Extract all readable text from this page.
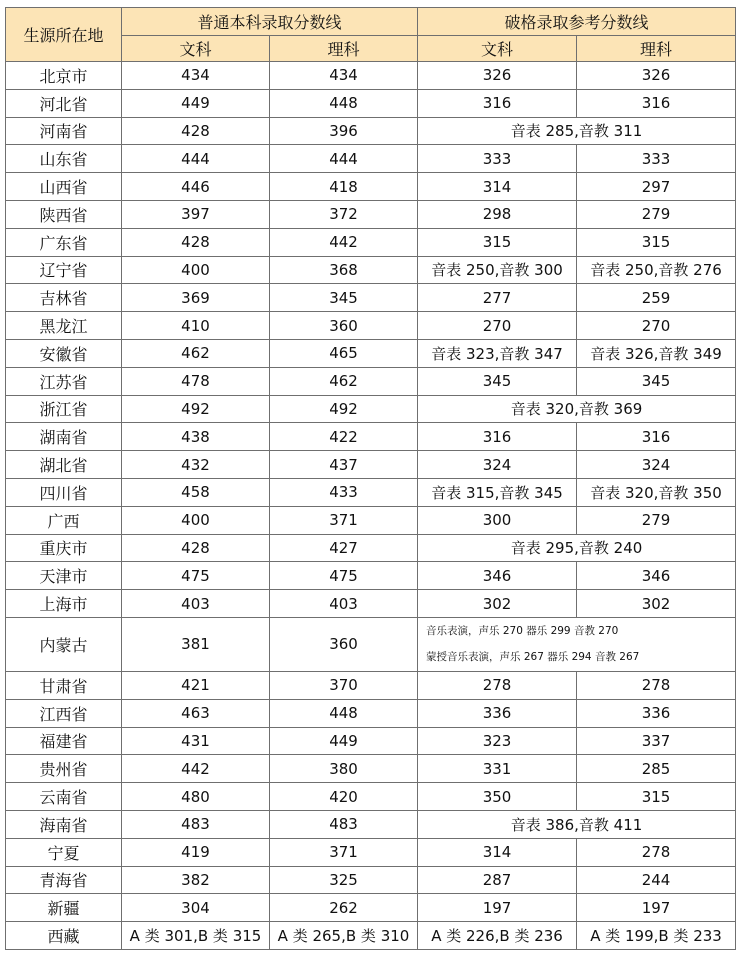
生源所在地	普通本科录取分数线		破格录取参考分数线	
	文科	理科	文科	理科
北京市	434	434	326	326
河北省	449	448	316	316
河南省	428	396	音表 285,音教 311	
山东省	444	444	333	333
山西省	446	418	314	297
陕西省	397	372	298	279
广东省	428	442	315	315
辽宁省	400	368	音表 250,音教 300	音表 250,音教 276
吉林省	369	345	277	259
黑龙江	410	360	270	270
安徽省	462	465	音表 323,音教 347	音表 326,音教 349
江苏省	478	462	345	345
浙江省	492	492	音表 320,音教 369	
湖南省	438	422	316	316
湖北省	432	437	324	324
四川省	458	433	音表 315,音教 345	音表 320,音教 350
广西	400	371	300	279
重庆市	428	427	音表 295,音教 240	
天津市	475	475	346	346
上海市	403	403	302	302
内蒙古	381	360	音乐表演，声乐 270 器乐 299 音教 270
蒙授音乐表演，声乐 267 器乐 294 音教 267	

甘肃省	421	370	278	278
江西省	463	448	336	336
福建省	431	449	323	337
贵州省	442	380	331	285
云南省	480	420	350	315
海南省	483	483	音表 386,音教 411	
宁夏	419	371	314	278
青海省	382	325	287	244
新疆	304	262	197	197
西藏	A 类 301,B 类 315	A 类 265,B 类 310	A 类 226,B 类 236	A 类 199,B 类 233
